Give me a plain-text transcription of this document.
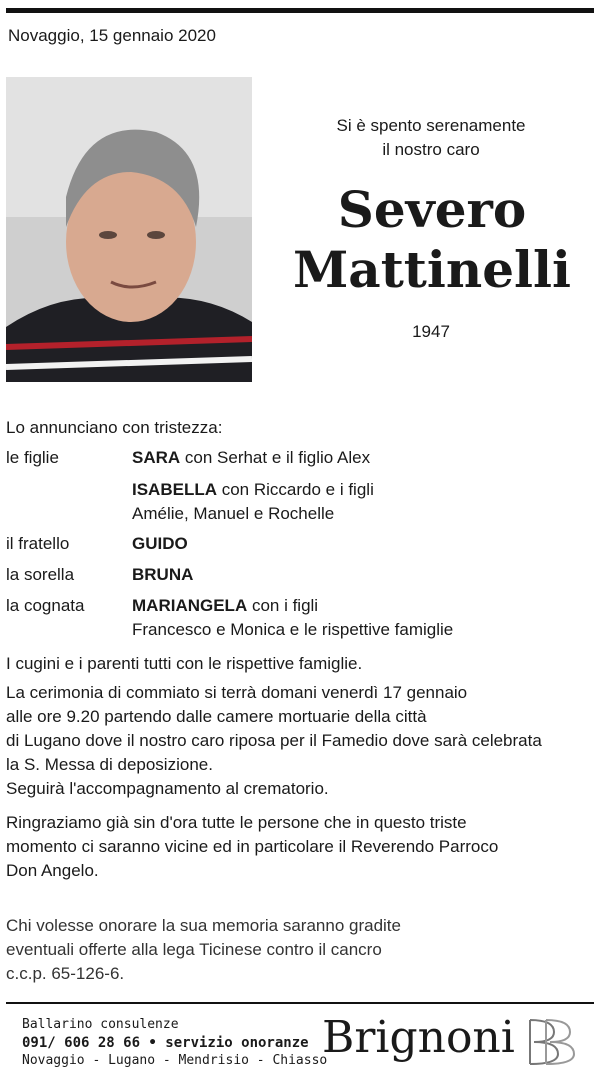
Novaggio, 15 gennaio 2020
Si è spento serenamente
il nostro caro
Severo
Mattinelli
1947
Lo annunciano con tristezza:
le figlie	SARA con Serhat e il figlio Alex
ISABELLA con Riccardo e i figli
Amélie, Manuel e Rochelle
il fratello	GUIDO
la sorella	BRUNA
la cognata	MARIANGELA con i figli
Francesco e Monica e le rispettive famiglie
I cugini e i parenti tutti con le rispettive famiglie.
La cerimonia di commiato si terrà domani venerdì 17 gennaio
alle ore 9.20 partendo dalle camere mortuarie della città
di Lugano dove il nostro caro riposa per il Famedio dove sarà celebrata
la S. Messa di deposizione.
Seguirà l'accompagnamento al crematorio.
Ringraziamo già sin d'ora tutte le persone che in questo triste
momento ci saranno vicine ed in particolare il Reverendo Parroco
Don Angelo.
Chi volesse onorare la sua memoria saranno gradite
eventuali offerte alla lega Ticinese contro il cancro
c.c.p. 65-126-6.
Ballarino consulenze
091/ 606 28 66 • servizio onoranze
Novaggio - Lugano - Mendrisio - Chiasso
Brignoni
